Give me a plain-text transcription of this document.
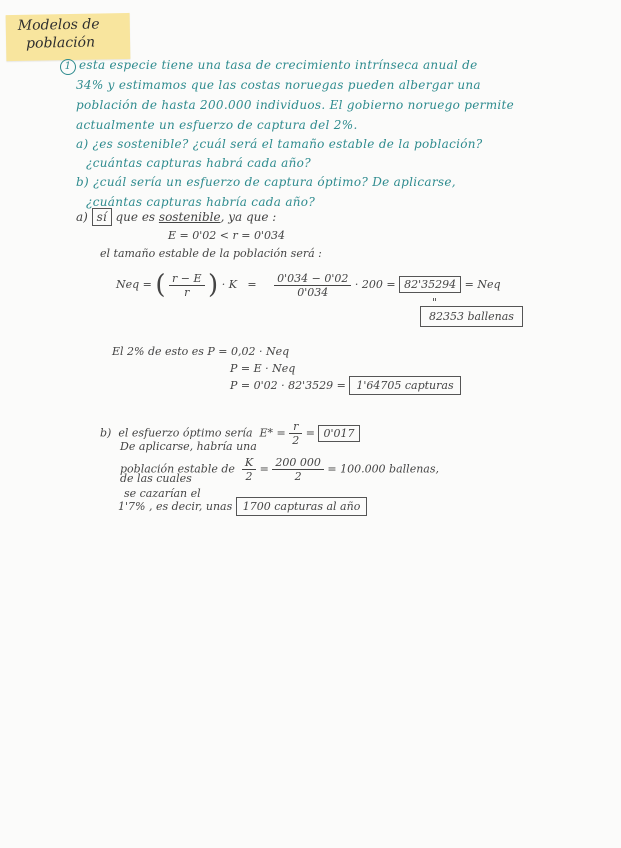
Modelos de
población
1 esta especie tiene una tasa de crecimiento intrínseca anual de
34% y estimamos que las costas noruegas pueden albergar una
población de hasta 200.000 individuos. El gobierno noruego permite
actualmente un esfuerzo de captura del 2%.
a) ¿es sostenible? ¿cuál será el tamaño estable de la población?
¿cuántas capturas habrá cada año?
b) ¿cuál sería un esfuerzo de captura óptimo? De aplicarse,
¿cuántas capturas habría cada año?
a) sí que es sostenible, ya que :
E = 0'02 < r = 0'034
el tamaño estable de la población será :
Neq = ( $\frac{r - E}{r}$ ) · $K = \frac{0'034 - 0'02}{0'034} \cdot 200 = 82'35294$ = Neq
"
82353 ballenas
El 2% de esto es P = 0,02 · Neq
P = E · Neq
P = 0'02 · 82'3529 = 1'64705 capturas
b) el esfuerzo óptimo sería $E* = \frac{r}{2} = 0'017$
De aplicarse, habría una
población estable de $\frac{K}{2} = \frac{200 000}{2} = 100.000$ ballenas,
de las cuales
se cazarían el
1'7% , es decir, unas 1700 capturas al año
